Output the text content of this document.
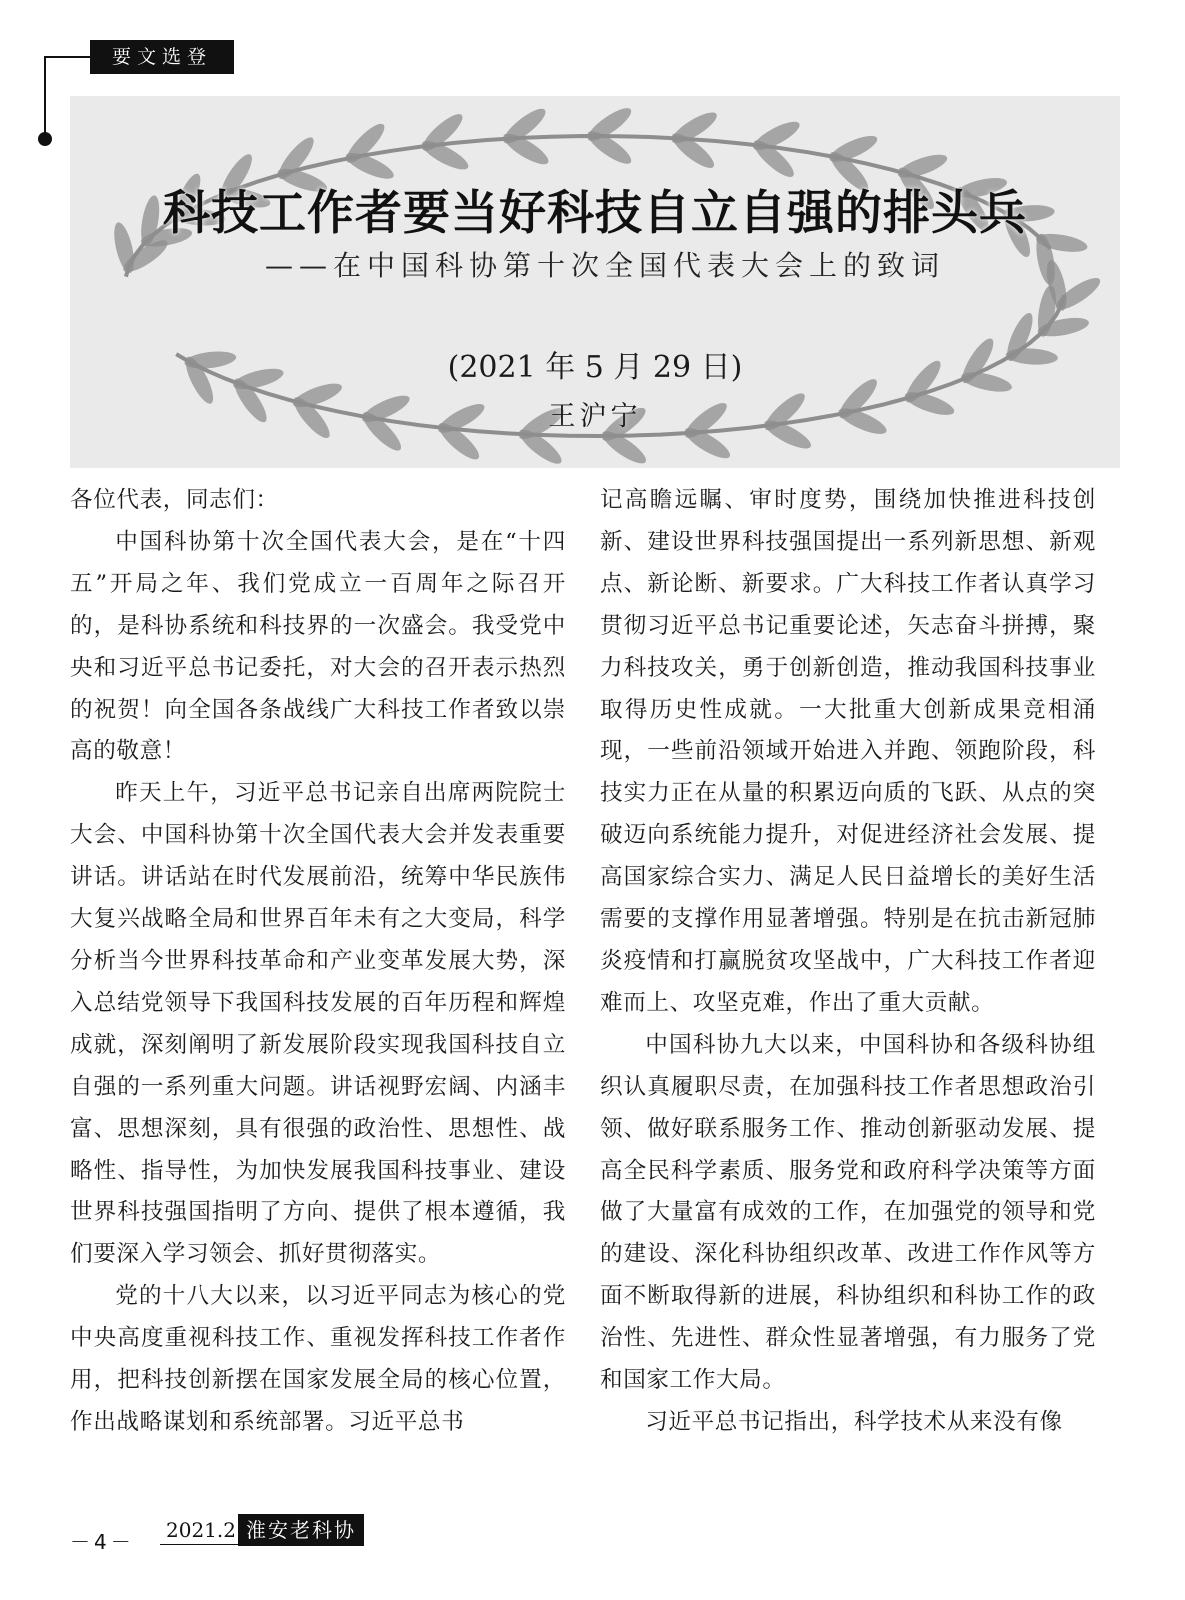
要文选登
科技工作者要当好科技自立自强的排头兵
——在中国科协第十次全国代表大会上的致词
(2021 年 5 月 29 日)
王沪宁

各位代表，同志们：

中国科协第十次全国代表大会，是在“十四五”开局之年、我们党成立一百周年之际召开的，是科协系统和科技界的一次盛会。我受党中央和习近平总书记委托，对大会的召开表示热烈的祝贺！向全国各条战线广大科技工作者致以崇高的敬意！

昨天上午，习近平总书记亲自出席两院院士大会、中国科协第十次全国代表大会并发表重要讲话。讲话站在时代发展前沿，统筹中华民族伟大复兴战略全局和世界百年未有之大变局，科学分析当今世界科技革命和产业变革发展大势，深入总结党领导下我国科技发展的百年历程和辉煌成就，深刻阐明了新发展阶段实现我国科技自立自强的一系列重大问题。讲话视野宏阔、内涵丰富、思想深刻，具有很强的政治性、思想性、战略性、指导性，为加快发展我国科技事业、建设世界科技强国指明了方向、提供了根本遵循，我们要深入学习领会、抓好贯彻落实。

党的十八大以来，以习近平同志为核心的党中央高度重视科技工作、重视发挥科技工作者作用，把科技创新摆在国家发展全局的核心位置，作出战略谋划和系统部署。习近平总书

记高瞻远瞩、审时度势，围绕加快推进科技创新、建设世界科技强国提出一系列新思想、新观点、新论断、新要求。广大科技工作者认真学习贯彻习近平总书记重要论述，矢志奋斗拼搏，聚力科技攻关，勇于创新创造，推动我国科技事业取得历史性成就。一大批重大创新成果竞相涌现，一些前沿领域开始进入并跑、领跑阶段，科技实力正在从量的积累迈向质的飞跃、从点的突破迈向系统能力提升，对促进经济社会发展、提高国家综合实力、满足人民日益增长的美好生活需要的支撑作用显著增强。特别是在抗击新冠肺炎疫情和打赢脱贫攻坚战中，广大科技工作者迎难而上、攻坚克难，作出了重大贡献。

中国科协九大以来，中国科协和各级科协组织认真履职尽责，在加强科技工作者思想政治引领、做好联系服务工作、推动创新驱动发展、提高全民科学素质、服务党和政府科学决策等方面做了大量富有成效的工作，在加强党的领导和党的建设、深化科协组织改革、改进工作作风等方面不断取得新的进展，科协组织和科协工作的政治性、先进性、群众性显著增强，有力服务了党和国家工作大局。

习近平总书记指出，科学技术从来没有像

－4－	2021.2 淮安老科协
